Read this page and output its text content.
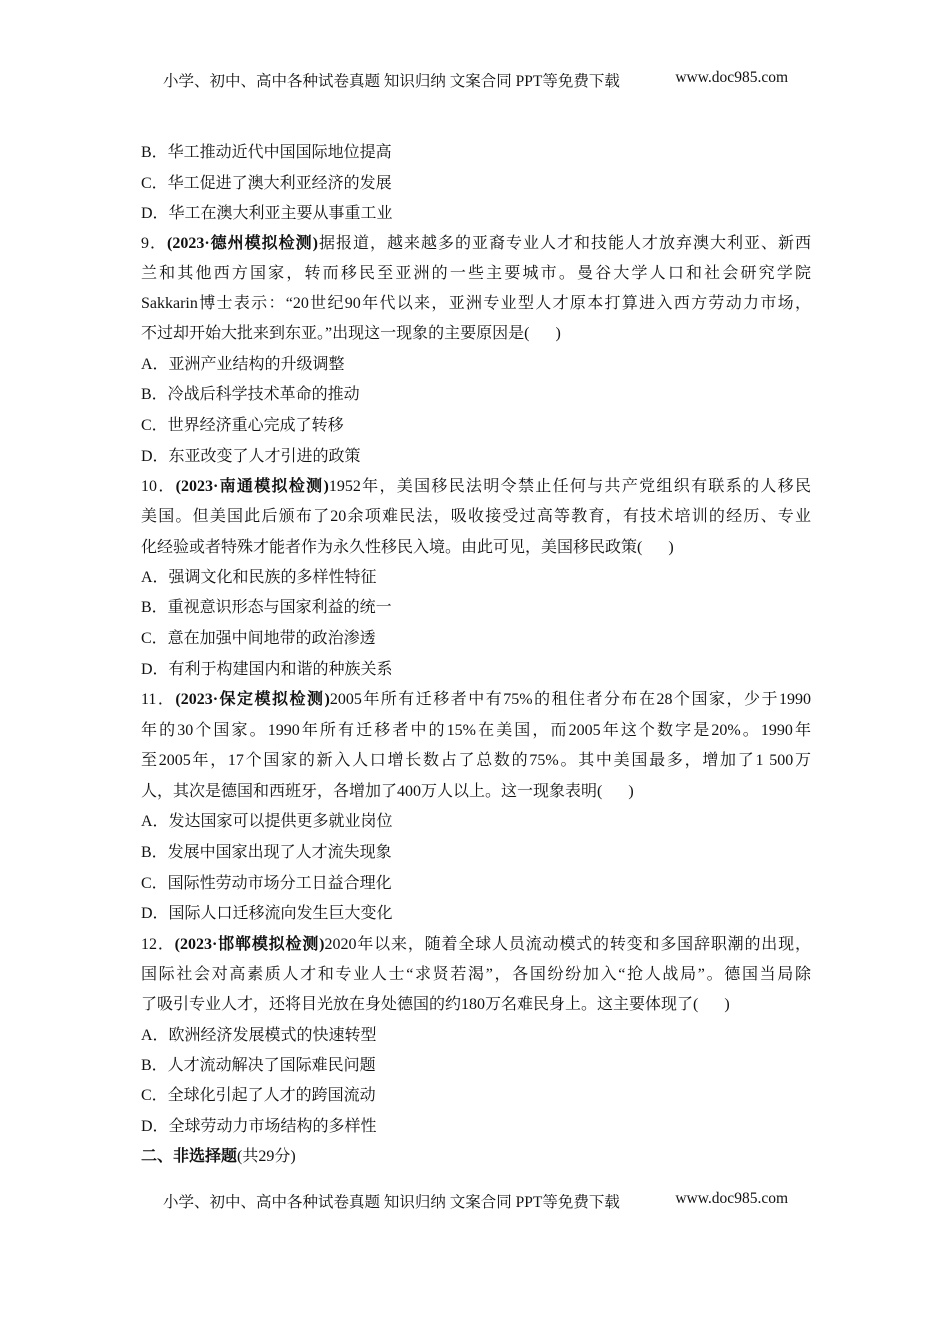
小学、初中、高中各种试卷真题 知识归纳 文案合同 PPT等免费下载	www.doc985.com
B．华工推动近代中国国际地位提高
C．华工促进了澳大利亚经济的发展
D．华工在澳大利亚主要从事重工业
9．(2023·德州模拟检测)据报道，越来越多的亚裔专业人才和技能人才放弃澳大利亚、新西
兰和其他西方国家，转而移民至亚洲的一些主要城市。曼谷大学人口和社会研究学院
Sakkarin博士表示：“20世纪90年代以来，亚洲专业型人才原本打算进入西方劳动力市场，
不过却开始大批来到东亚。”出现这一现象的主要原因是( )
A．亚洲产业结构的升级调整
B．冷战后科学技术革命的推动
C．世界经济重心完成了转移
D．东亚改变了人才引进的政策
10．(2023·南通模拟检测)1952年，美国移民法明令禁止任何与共产党组织有联系的人移民
美国。但美国此后颁布了20余项难民法，吸收接受过高等教育，有技术培训的经历、专业
化经验或者特殊才能者作为永久性移民入境。由此可见，美国移民政策( )
A．强调文化和民族的多样性特征
B．重视意识形态与国家利益的统一
C．意在加强中间地带的政治渗透
D．有利于构建国内和谐的种族关系
11．(2023·保定模拟检测)2005年所有迁移者中有75%的租住者分布在28个国家，少于1990
年的30个国家。1990年所有迁移者中的15%在美国，而2005年这个数字是20%。1990年
至2005年，17个国家的新入人口增长数占了总数的75%。其中美国最多，增加了1 500万
人，其次是德国和西班牙，各增加了400万人以上。这一现象表明( )
A．发达国家可以提供更多就业岗位
B．发展中国家出现了人才流失现象
C．国际性劳动市场分工日益合理化
D．国际人口迁移流向发生巨大变化
12．(2023·邯郸模拟检测)2020年以来，随着全球人员流动模式的转变和多国辞职潮的出现，
国际社会对高素质人才和专业人士“求贤若渴”，各国纷纷加入“抢人战局”。德国当局除
了吸引专业人才，还将目光放在身处德国的约180万名难民身上。这主要体现了( )
A．欧洲经济发展模式的快速转型
B．人才流动解决了国际难民问题
C．全球化引起了人才的跨国流动
D．全球劳动力市场结构的多样性
二、非选择题(共29分)
小学、初中、高中各种试卷真题 知识归纳 文案合同 PPT等免费下载	www.doc985.com
